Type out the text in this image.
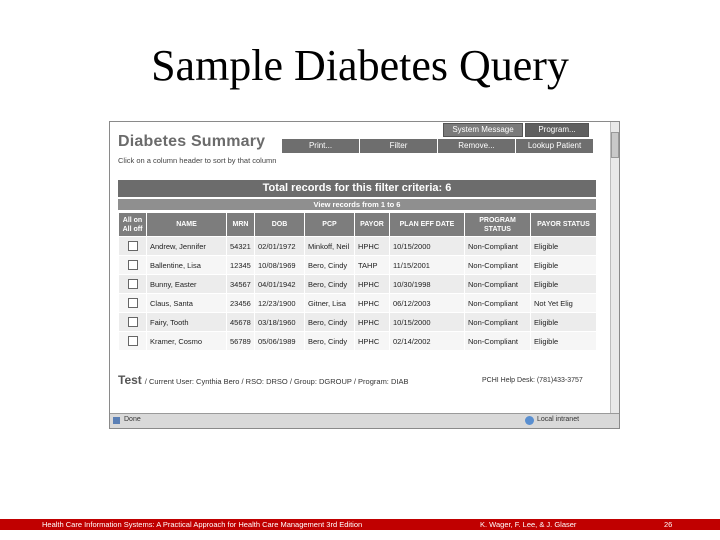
Sample Diabetes Query
System Message	Program...
Diabetes Summary	Print...	Filter	Remove...	Lookup Patient
Click on a column header to sort by that column
Total records for this filter criteria: 6
View records from 1 to 6
All on All off	NAME	MRN	DOB	PCP	PAYOR	PLAN EFF DATE	PROGRAM STATUS	PAYOR STATUS
	Andrew, Jennifer	54321	02/01/1972	Minkoff, Neil	HPHC	10/15/2000	Non-Compliant	Eligible
	Ballentine, Lisa	12345	10/08/1969	Bero, Cindy	TAHP	11/15/2001	Non-Compliant	Eligible
	Bunny, Easter	34567	04/01/1942	Bero, Cindy	HPHC	10/30/1998	Non-Compliant	Eligible
	Claus, Santa	23456	12/23/1900	Gitner, Lisa	HPHC	06/12/2003	Non-Compliant	Not Yet Elig
	Fairy, Tooth	45678	03/18/1960	Bero, Cindy	HPHC	10/15/2000	Non-Compliant	Eligible
	Kramer, Cosmo	56789	05/06/1989	Bero, Cindy	HPHC	02/14/2002	Non-Compliant	Eligible
Test / Current User: Cynthia Bero / RSO: DRSO / Group: DGROUP / Program: DIAB	PCHI Help Desk: (781)433-3757
Done	Local intranet
Health Care Information Systems: A Practical Approach for Health Care Management 3rd Edition	K. Wager, F. Lee, & J. Glaser	26
